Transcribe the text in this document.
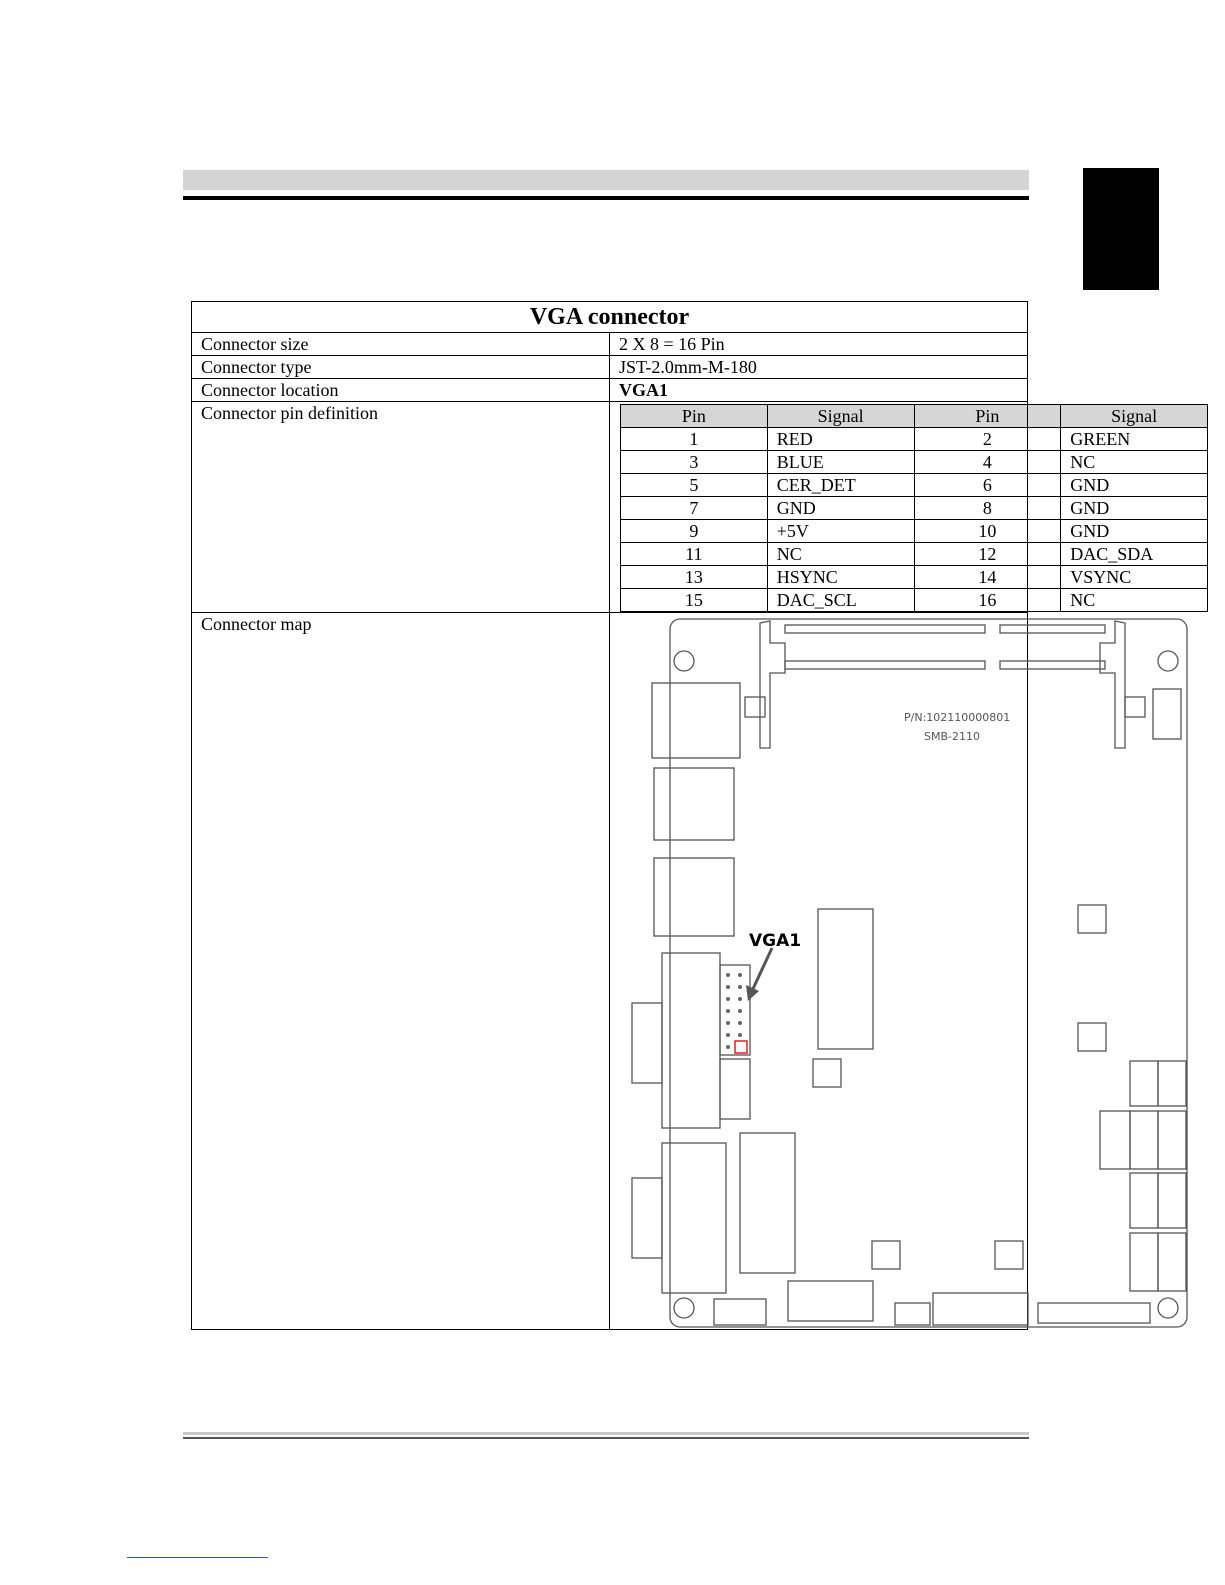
VGA connector
Connector size	2 X 8 = 16 Pin
Connector type	JST-2.0mm-M-180
Connector location	VGA1
Connector pin definition		Pin	Signal	Pin	Signal
1	RED	2	GREEN
3	BLUE	4	NC
5	CER_DET	6	GND
7	GND	8	GND
9	+5V	10	GND
11	NC	12	DAC_SDA
13	HSYNC	14	VSYNC
15	DAC_SCL	16	NC

Connector map	
VGA1
P/N:102110000801
SMB-2110
